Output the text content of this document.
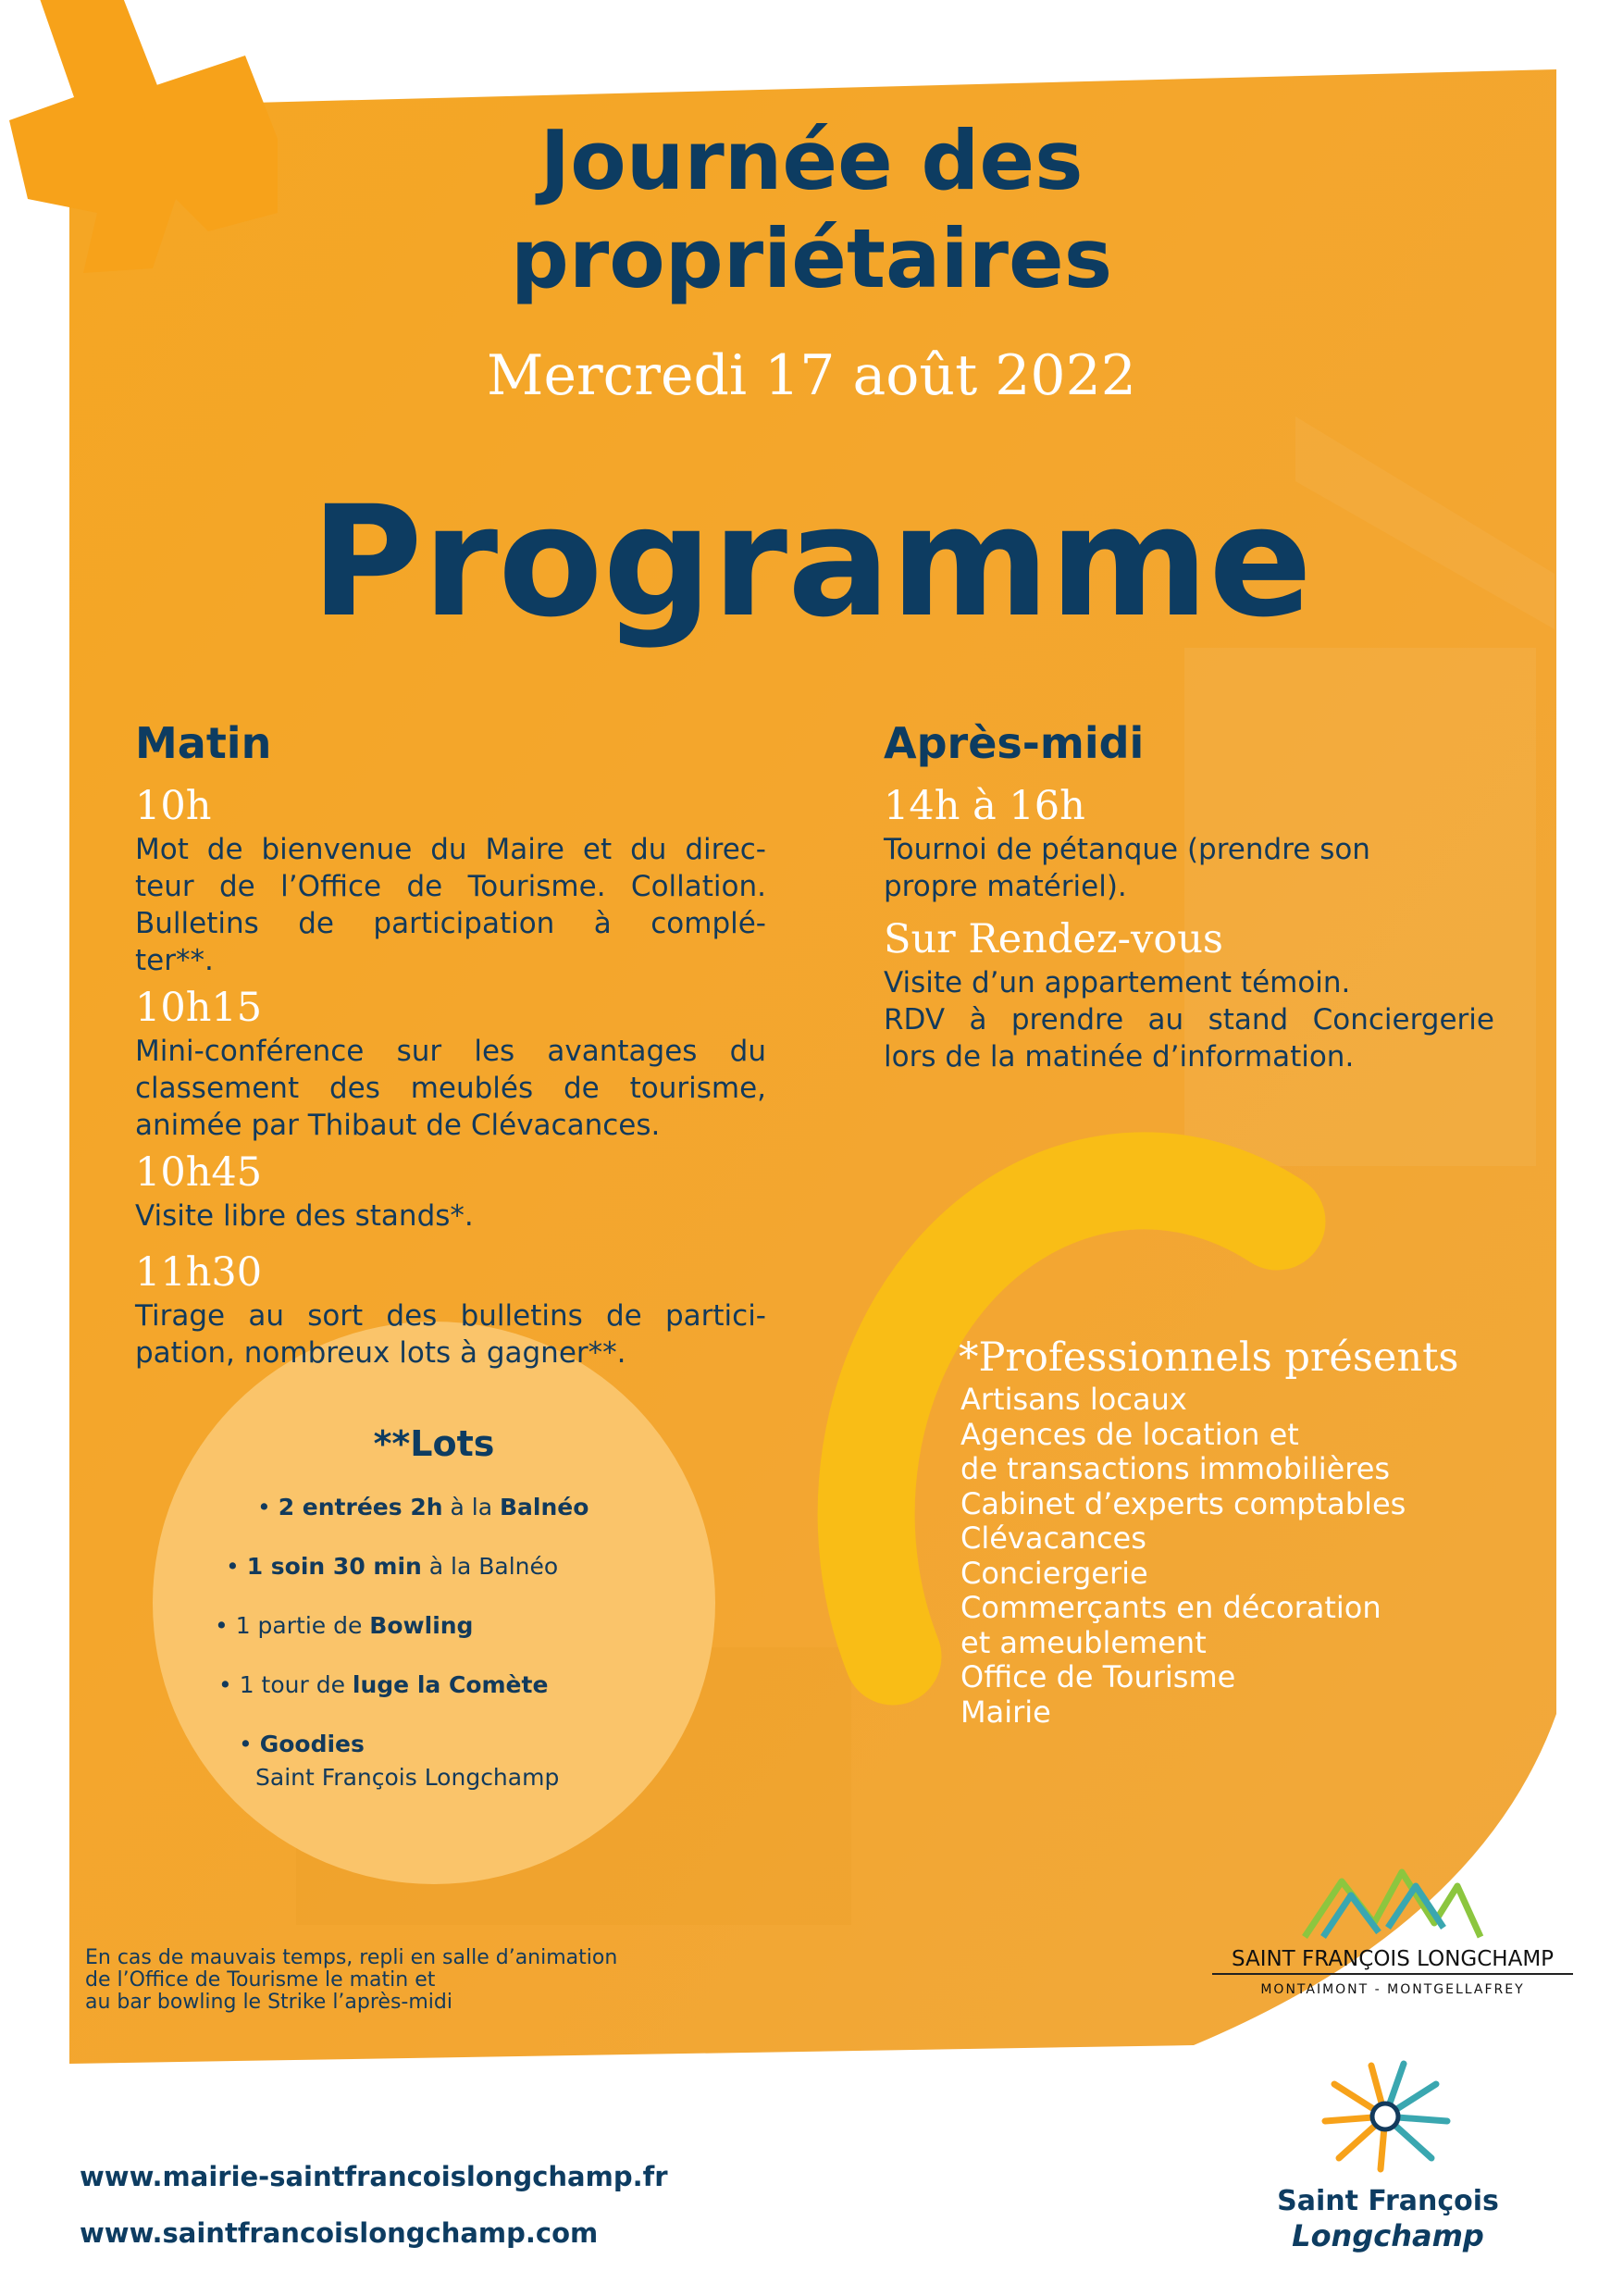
Journée des
propriétaires
Mercredi 17 août 2022
Programme
Matin
10h
Mot de bienvenue du Maire et du direc-
teur de l’Office de Tourisme. Collation.
Bulletins de participation à complé-
ter**.
10h15
Mini-conférence sur les avantages du
classement des meublés de tourisme,
animée par Thibaut de Clévacances.
10h45
Visite libre des stands*.
11h30
Tirage au sort des bulletins de partici-
pation, nombreux lots à gagner**.
Après-midi
14h à 16h
Tournoi de pétanque (prendre son
propre matériel).
Sur Rendez-vous
Visite d’un appartement témoin.
RDV à prendre au stand Conciergerie
lors de la matinée d’information.
**Lots
• 2 entrées 2h à la Balnéo
• 1 soin 30 min à la Balnéo
• 1 partie de Bowling
• 1 tour de luge la Comète
• Goodies
Saint François Longchamp
*Professionnels présents
Artisans locaux
Agences de location et
de transactions immobilières
Cabinet d’experts comptables
Clévacances
Conciergerie
Commerçants en décoration
et ameublement
Office de Tourisme
Mairie
En cas de mauvais temps, repli en salle d’animation
de l’Office de Tourisme le matin et
au bar bowling le Strike l’après-midi
SAINT FRANÇOIS LONGCHAMP
MONTAIMONT - MONTGELLAFREY
Saint François
Longchamp
www.mairie-saintfrancoislongchamp.fr
www.saintfrancoislongchamp.com
